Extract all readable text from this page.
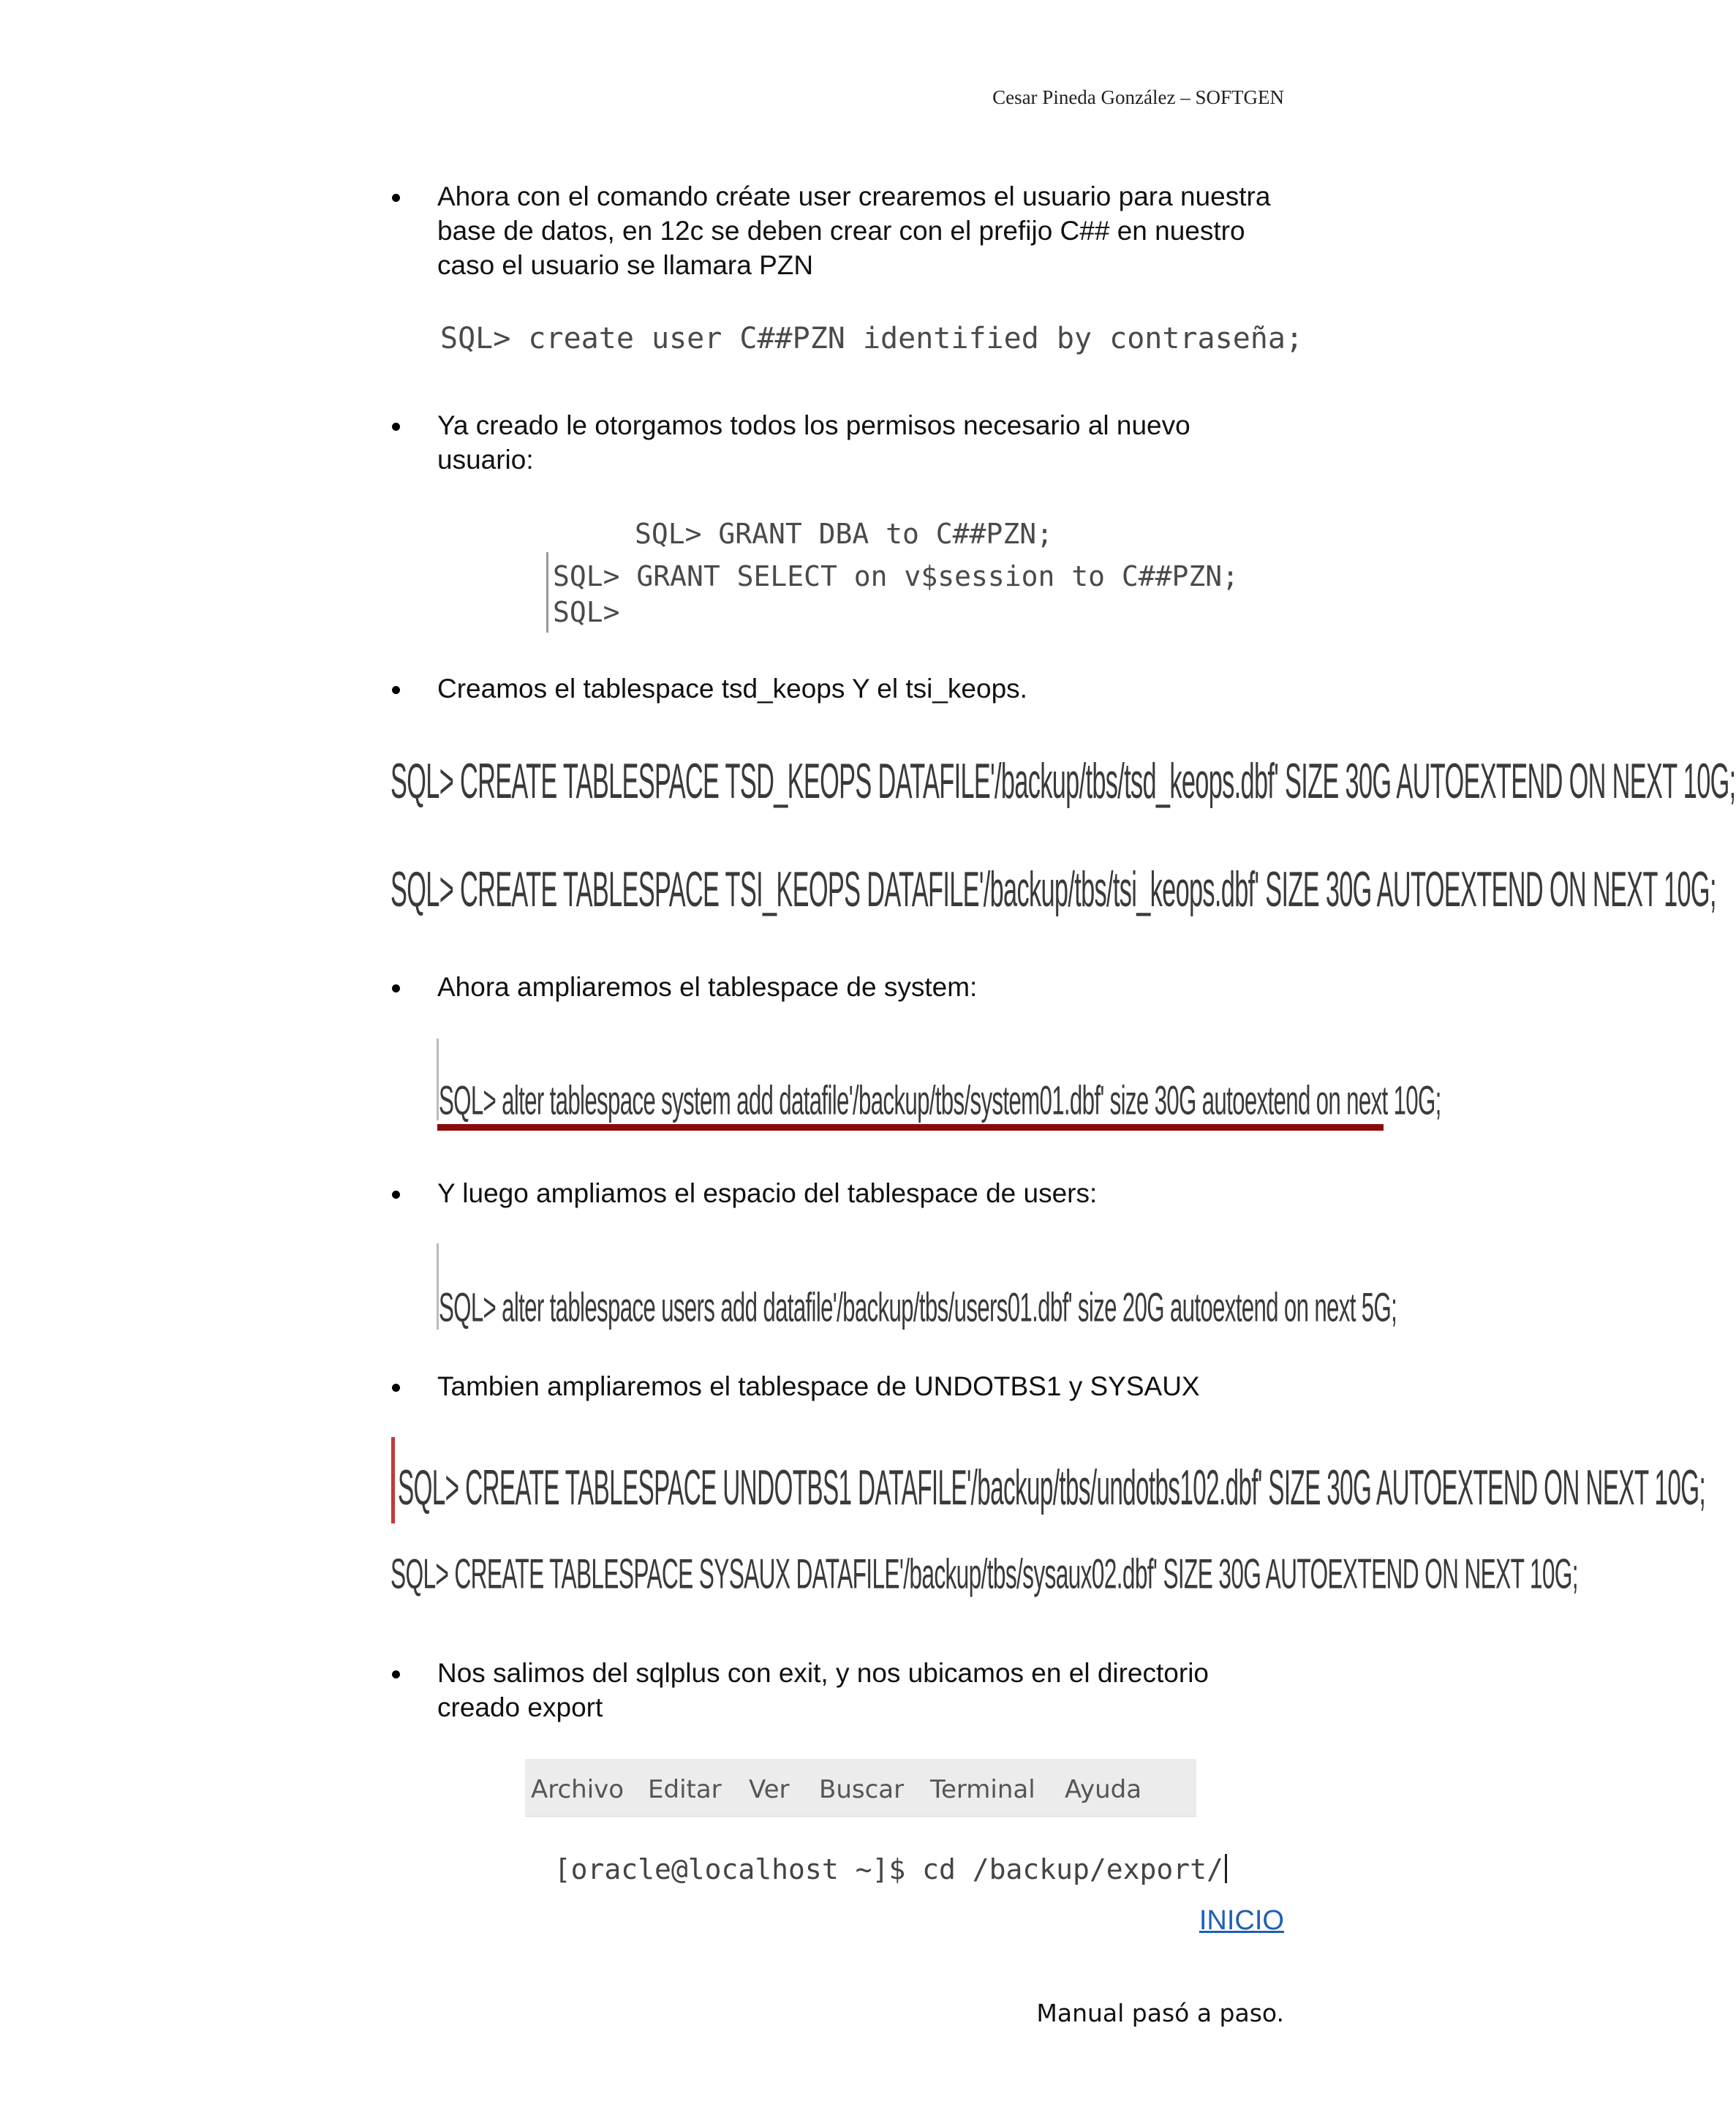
Cesar Pineda González – SOFTGEN
Ahora con el comando créate user crearemos el usuario para nuestra base de datos, en 12c se deben crear con el prefijo C## en nuestro caso el usuario se llamara PZN
SQL> create user C##PZN identified by contraseña;
Ya creado le otorgamos todos los permisos necesario al nuevo usuario:
SQL> GRANT DBA to C##PZN;
SQL> GRANT SELECT on v$session to C##PZN;
SQL>
Creamos el tablespace tsd_keops Y el tsi_keops.
SQL> CREATE TABLESPACE TSD_KEOPS DATAFILE'/backup/tbs/tsd_keops.dbf' SIZE 30G AUTOEXTEND ON NEXT 10G;
SQL> CREATE TABLESPACE TSI_KEOPS DATAFILE'/backup/tbs/tsi_keops.dbf' SIZE 30G AUTOEXTEND ON NEXT 10G;
Ahora ampliaremos el tablespace de system:
SQL> alter tablespace system add datafile'/backup/tbs/system01.dbf' size 30G autoextend on next 10G;
Y luego ampliamos el espacio del tablespace de users:
SQL> alter tablespace users add datafile'/backup/tbs/users01.dbf' size 20G autoextend on next 5G;
Tambien ampliaremos el tablespace de UNDOTBS1 y SYSAUX
SQL> CREATE TABLESPACE UNDOTBS1 DATAFILE'/backup/tbs/undotbs102.dbf' SIZE 30G AUTOEXTEND ON NEXT 10G;
SQL> CREATE TABLESPACE SYSAUX DATAFILE'/backup/tbs/sysaux02.dbf' SIZE 30G AUTOEXTEND ON NEXT 10G;
Nos salimos del sqlplus con exit, y nos ubicamos en el directorio creado export
Archivo Editar Ver Buscar Terminal Ayuda

[oracle@localhost ~]$ cd /backup/export/

INICIO
Manual pasó a paso.
